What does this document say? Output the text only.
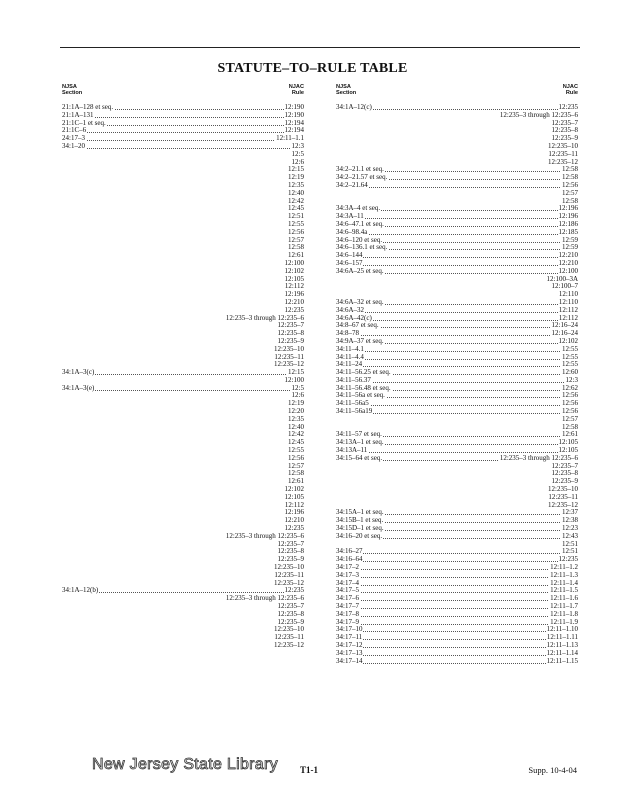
STATUTE–TO–RULE TABLE
NJSA
Section
NJAC
Rule
21:1A–128 et seq.	12:190
21:1A–131	12:190
21:1C–1 et seq.	12:194
21:1C–6	12:194
24:17–3	12:11–1.1
34:1–20	12:3
12:5
12:6
12:15
12:19
12:35
12:40
12:42
12:45
12:51
12:55
12:56
12:57
12:58
12:61
12:100
12:102
12:105
12:112
12:196
12:210
12:235
12:235–3 through 12:235–6
12:235–7
12:235–8
12:235–9
12:235–10
12:235–11
12:235–12
34:1A–3(c)	12:15
12:100
34:1A–3(e)	12:5
12:6
12:19
12:20
12:35
12:40
12:42
12:45
12:55
12:56
12:57
12:58
12:61
12:102
12:105
12:112
12:196
12:210
12:235
12:235–3 through 12:235–6
12:235–7
12:235–8
12:235–9
12:235–10
12:235–11
12:235–12
34:1A–12(b)	12:235
12:235–3 through 12:235–6
12:235–7
12:235–8
12:235–9
12:235–10
12:235–11
12:235–12
NJSA
Section
NJAC
Rule
34:1A–12(c)	12:235
12:235–3 through 12:235–6
12:235–7
12:235–8
12:235–9
12:235–10
12:235–11
12:235–12
34:2–21.1 et seq.	12:58
34:2–21.57 et seq.	12:58
34:2–21.64	12:56
12:57
12:58
34:3A–4 et seq.	12:196
34:3A–11	12:196
34:6–47.1 et seq.	12:186
34:6–98.4a	12:185
34:6–120 et seq.	12:59
34:6–136.1 et seq.	12:59
34:6–144	12:210
34:6–157	12:210
34:6A–25 et seq.	12:100
12:100–3A
12:100–7
12:110
34:6A–32 et seq.	12:110
34:6A–32	12:112
34:6A–42(c)	12:112
34:8–67 et seq.	12:16–24
34:8–78	12:16–24
34:9A–37 et seq.	12:102
34:11–4.1	12:55
34:11–4.4	12:55
34:11–24	12:55
34:11–56.25 et seq.	12:60
34:11–56.37	12:3
34:11–56.48 et seq.	12:62
34:11–56a et seq.	12:56
34:11–56a5	12:56
34:11–56a19	12:56
12:57
12:58
34:11–57 et seq.	12:61
34:13A–1 et seq.	12:105
34:13A–11	12:105
34:15–64 et seq.	12:235–3 through 12:235–6
12:235–7
12:235–8
12:235–9
12:235–10
12:235–11
12:235–12
34:15A–1 et seq.	12:37
34:15B–1 et seq.	12:38
34:15D–1 et seq.	12:23
34:16–20 et seq.	12:43
12:51
34:16–27	12:51
34:16–64	12:235
34:17–2	12:11–1.2
34:17–3	12:11–1.3
34:17–4	12:11–1.4
34:17–5	12:11–1.5
34:17–6	12:11–1.6
34:17–7	12:11–1.7
34:17–8	12:11–1.8
34:17–9	12:11–1.9
34:17–10	12:11–1.10
34:17–11	12:11–1.11
34:17–12	12:11–1.13
34:17–13	12:11–1.14
34:17–14	12:11–1.15
New Jersey State Library T1-1	Supp. 10-4-04
